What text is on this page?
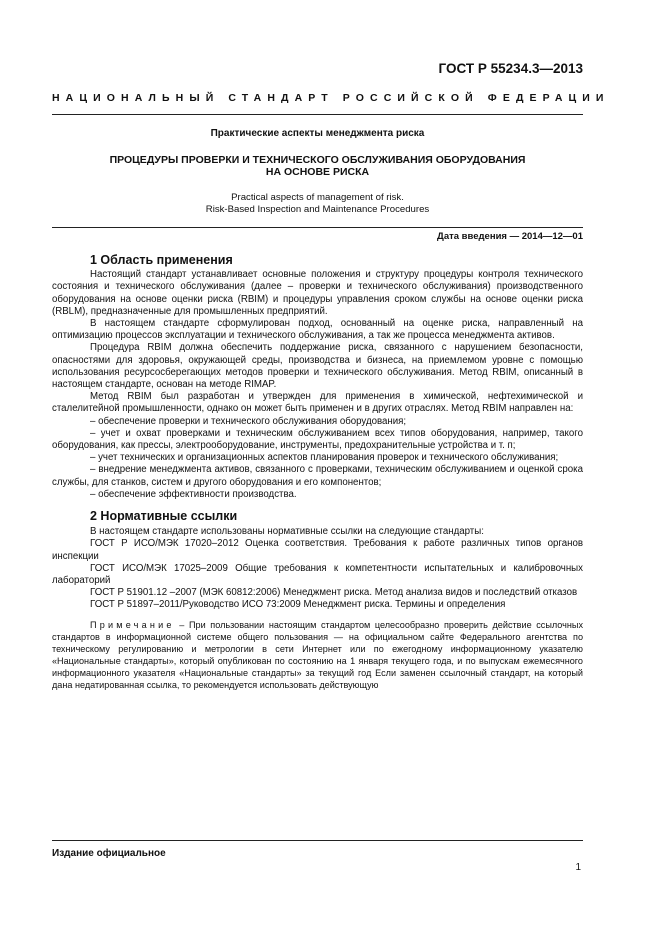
ГОСТ Р 55234.3—2013
НАЦИОНАЛЬНЫЙ СТАНДАРТ РОССИЙСКОЙ ФЕДЕРАЦИИ
Практические аспекты менеджмента риска
ПРОЦЕДУРЫ ПРОВЕРКИ И ТЕХНИЧЕСКОГО ОБСЛУЖИВАНИЯ ОБОРУДОВАНИЯ
НА ОСНОВЕ РИСКА
Practical aspects of management of risk.
Risk-Based Inspection and Maintenance Procedures
Дата введения — 2014—12—01
1 Область применения

Настоящий стандарт устанавливает основные положения и структуру процедуры контроля технического состояния и технического обслуживания (далее – проверки и технического обслуживания) производственного оборудования на основе оценки риска (RBIM) и процедуры управления сроком службы на основе оценки риска (RBLM), предназначенные для промышленных предприятий.

В настоящем стандарте сформулирован подход, основанный на оценке риска, направленный на оптимизацию процессов эксплуатации и технического обслуживания, а так же процесса менеджмента активов.

Процедура RBIM должна обеспечить поддержание риска, связанного с нарушением безопасности, опасностями для здоровья, окружающей среды, производства и бизнеса, на приемлемом уровне с помощью использования ресурсосберегающих методов проверки и технического обслуживания. Метод RBIM, описанный в настоящем стандарте, основан на методе RIMAP.

Метод RBIM был разработан и утвержден для применения в химической, нефтехимической и сталелитейной промышленности, однако он может быть применен и в других отраслях. Метод RBIM направлен на:

– обеспечение проверки и технического обслуживания оборудования;

– учет и охват проверками и техническим обслуживанием всех типов оборудования, например, такого оборудования, как прессы, электрооборудование, инструменты, предохранительные устройства и т. п;

– учет технических и организационных аспектов планирования проверок и технического обслуживания;

– внедрение менеджмента активов, связанного с проверками, техническим обслуживанием и оценкой срока службы, для станков, систем и другого оборудования и его компонентов;

– обеспечение эффективности производства.

2 Нормативные ссылки

В настоящем стандарте использованы нормативные ссылки на следующие стандарты:

ГОСТ Р ИСО/МЭК 17020–2012 Оценка соответствия. Требования к работе различных типов органов инспекции

ГОСТ ИСО/МЭК 17025–2009 Общие требования к компетентности испытательных и калибровочных лабораторий

ГОСТ Р 51901.12 –2007 (МЭК 60812:2006) Менеджмент риска. Метод анализа видов и последствий отказов

ГОСТ Р 51897–2011/Руководство ИСО 73:2009 Менеджмент риска. Термины и определения

Примечание – При пользовании настоящим стандартом целесообразно проверить действие ссылочных стандартов в информационной системе общего пользования — на официальном сайте Федерального агентства по техническому регулированию и метрологии в сети Интернет или по ежегодному информационному указателю «Национальные стандарты», который опубликован по состоянию на 1 января текущего года, и по выпускам ежемесячного информационного указателя «Национальные стандарты» за текущий год Если заменен ссылочный стандарт, на который дана недатированная ссылка, то рекомендуется использовать действующую

Издание официальное
1
